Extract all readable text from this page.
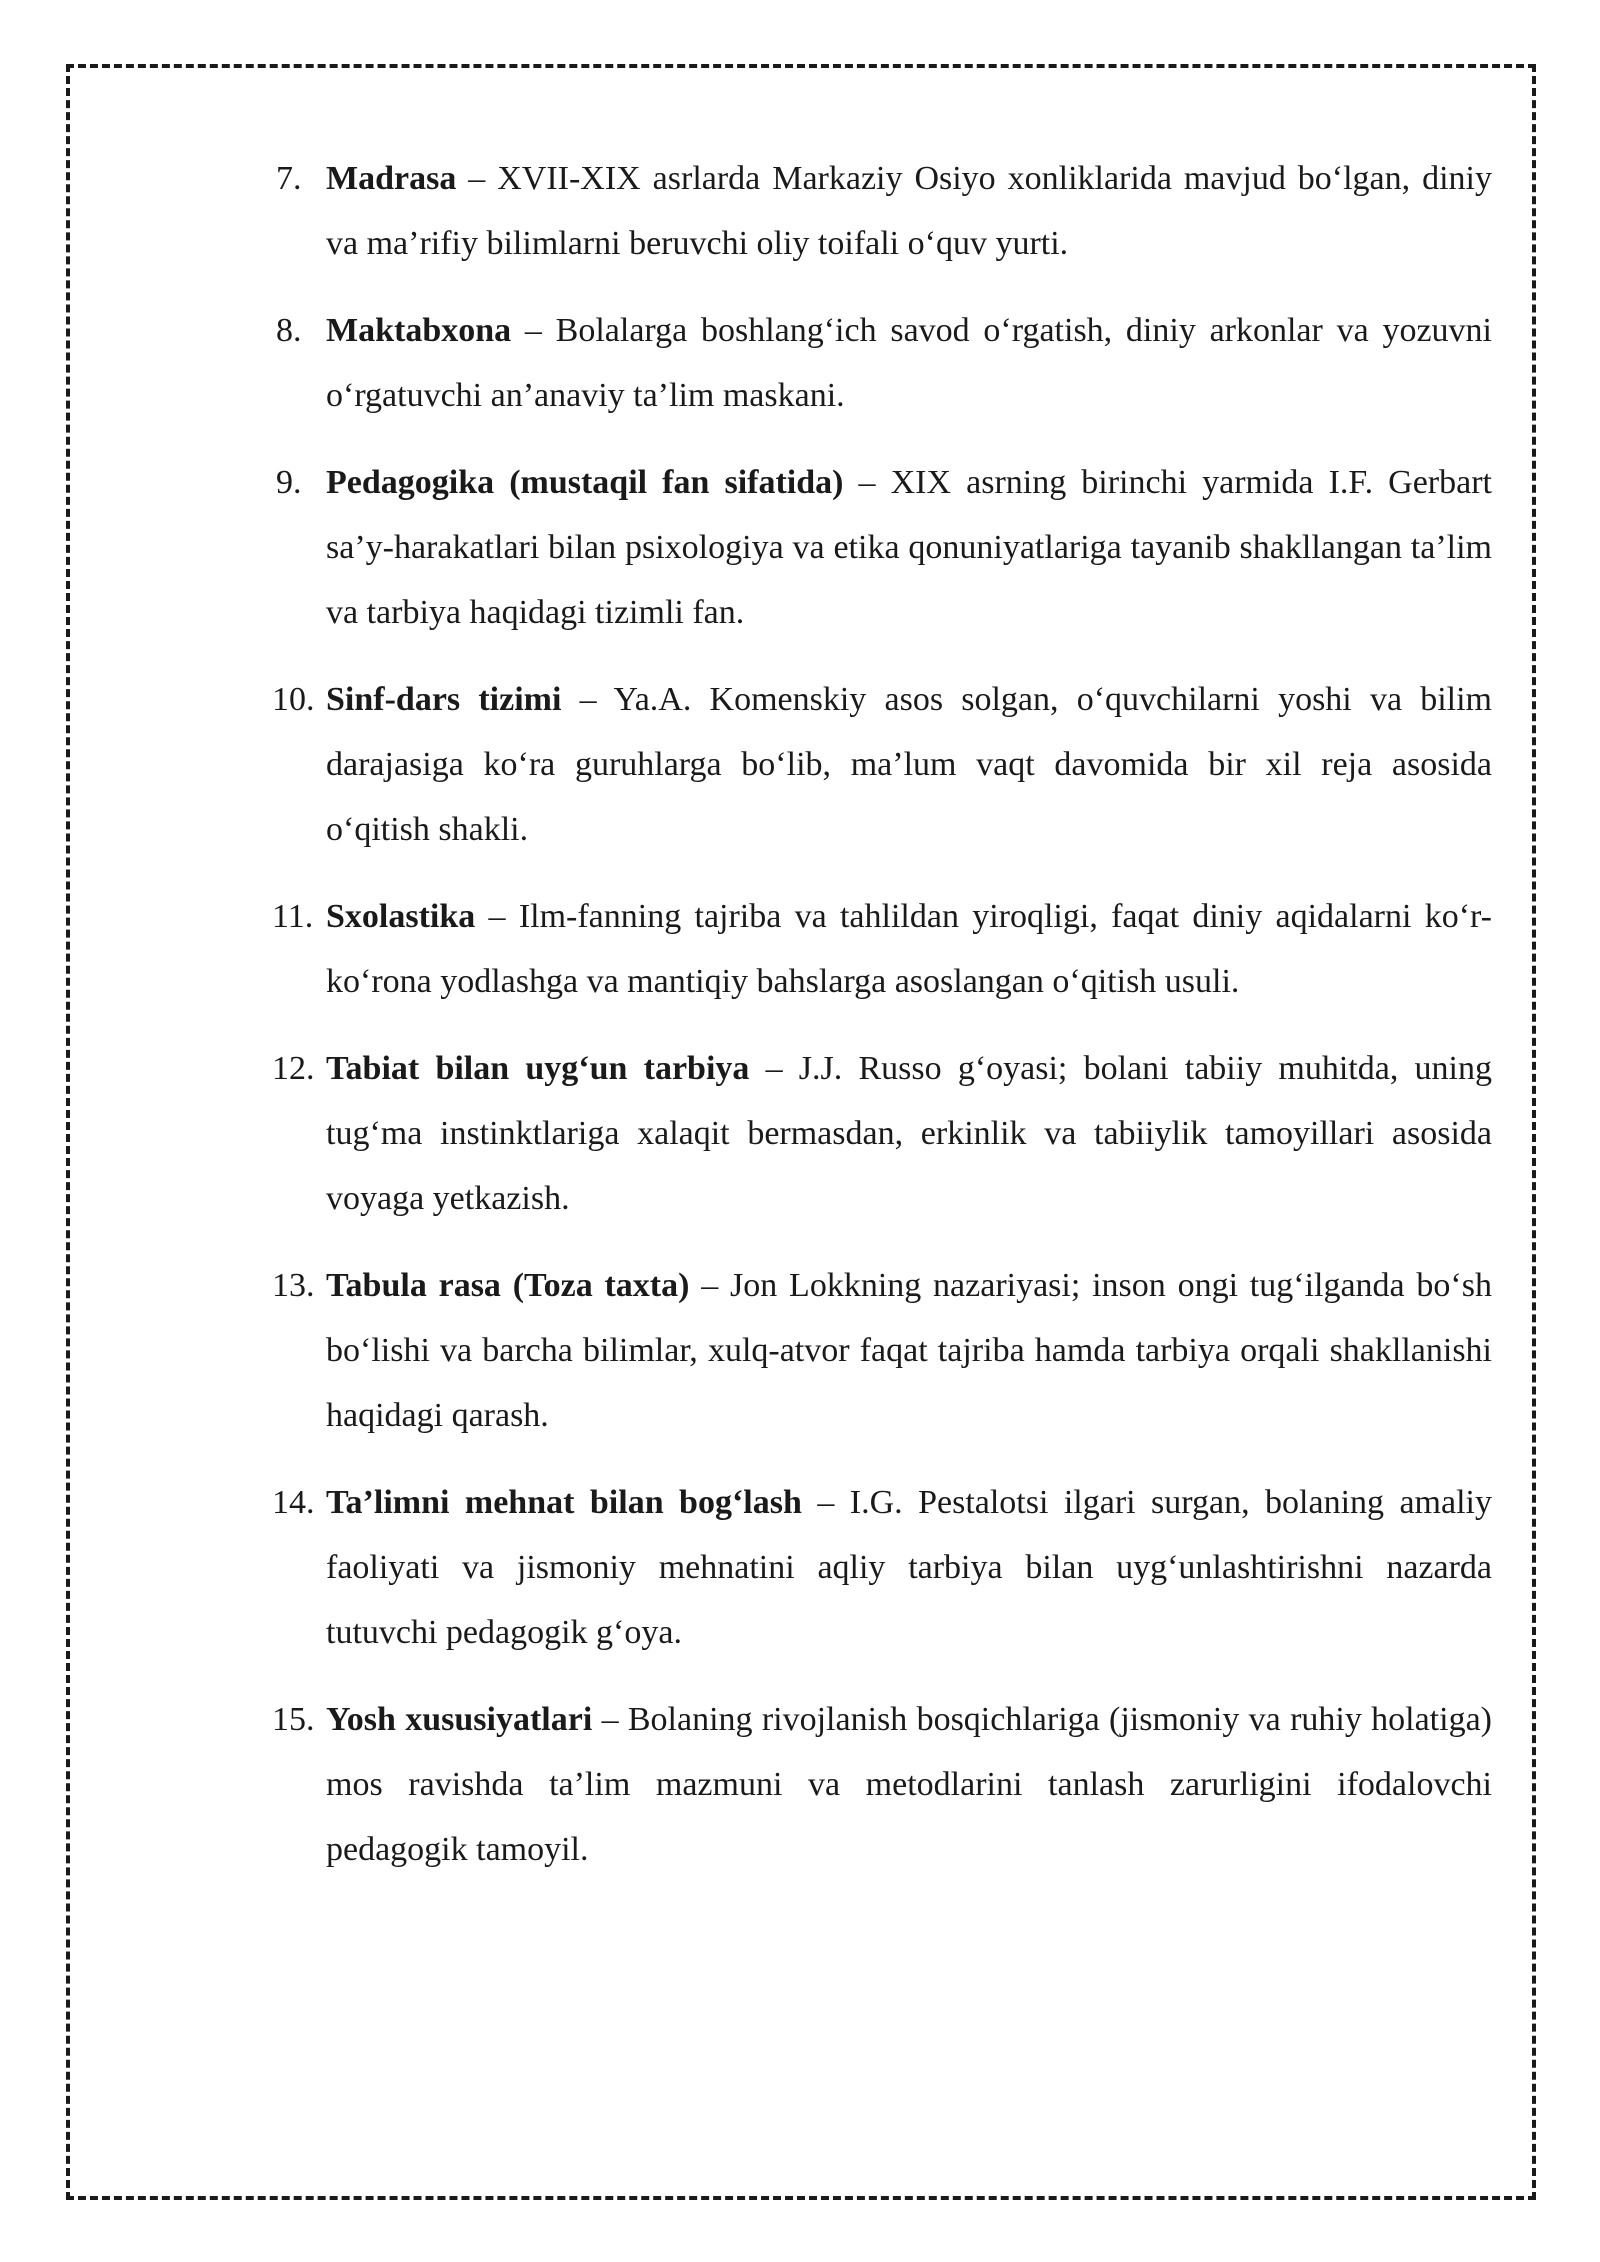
7. Madrasa – XVII-XIX asrlarda Markaziy Osiyo xonliklarida mavjud bo‘lgan, diniy va ma’rifiy bilimlarni beruvchi oliy toifali o‘quv yurti.
8. Maktabxona – Bolalarga boshlang‘ich savod o‘rgatish, diniy arkonlar va yozuvni o‘rgatuvchi an’anaviy ta’lim maskani.
9. Pedagogika (mustaqil fan sifatida) – XIX asrning birinchi yarmida I.F. Gerbart sa’y-harakatlari bilan psixologiya va etika qonuniyatlariga tayanib shakllangan ta’lim va tarbiya haqidagi tizimli fan.
10. Sinf-dars tizimi – Ya.A. Komenskiy asos solgan, o‘quvchilarni yoshi va bilim darajasiga ko‘ra guruhlarga bo‘lib, ma’lum vaqt davomida bir xil reja asosida o‘qitish shakli.
11. Sxolastika – Ilm-fanning tajriba va tahlildan yiroqligi, faqat diniy aqidalarni ko‘r-ko‘rona yodlashga va mantiqiy bahslarga asoslangan o‘qitish usuli.
12. Tabiat bilan uyg‘un tarbiya – J.J. Russo g‘oyasi; bolani tabiiy muhitda, uning tug‘ma instinktlariga xalaqit bermasdan, erkinlik va tabiiylik tamoyillari asosida voyaga yetkazish.
13. Tabula rasa (Toza taxta) – Jon Lokkning nazariyasi; inson ongi tug‘ilganda bo‘sh bo‘lishi va barcha bilimlar, xulq-atvor faqat tajriba hamda tarbiya orqali shakllanishi haqidagi qarash.
14. Ta’limni mehnat bilan bog‘lash – I.G. Pestalotsi ilgari surgan, bolaning amaliy faoliyati va jismoniy mehnatini aqliy tarbiya bilan uyg‘unlashtirishni nazarda tutuvchi pedagogik g‘oya.
15. Yosh xususiyatlari – Bolaning rivojlanish bosqichlariga (jismoniy va ruhiy holatiga) mos ravishda ta’lim mazmuni va metodlarini tanlash zarurligini ifodalovchi pedagogik tamoyil.
